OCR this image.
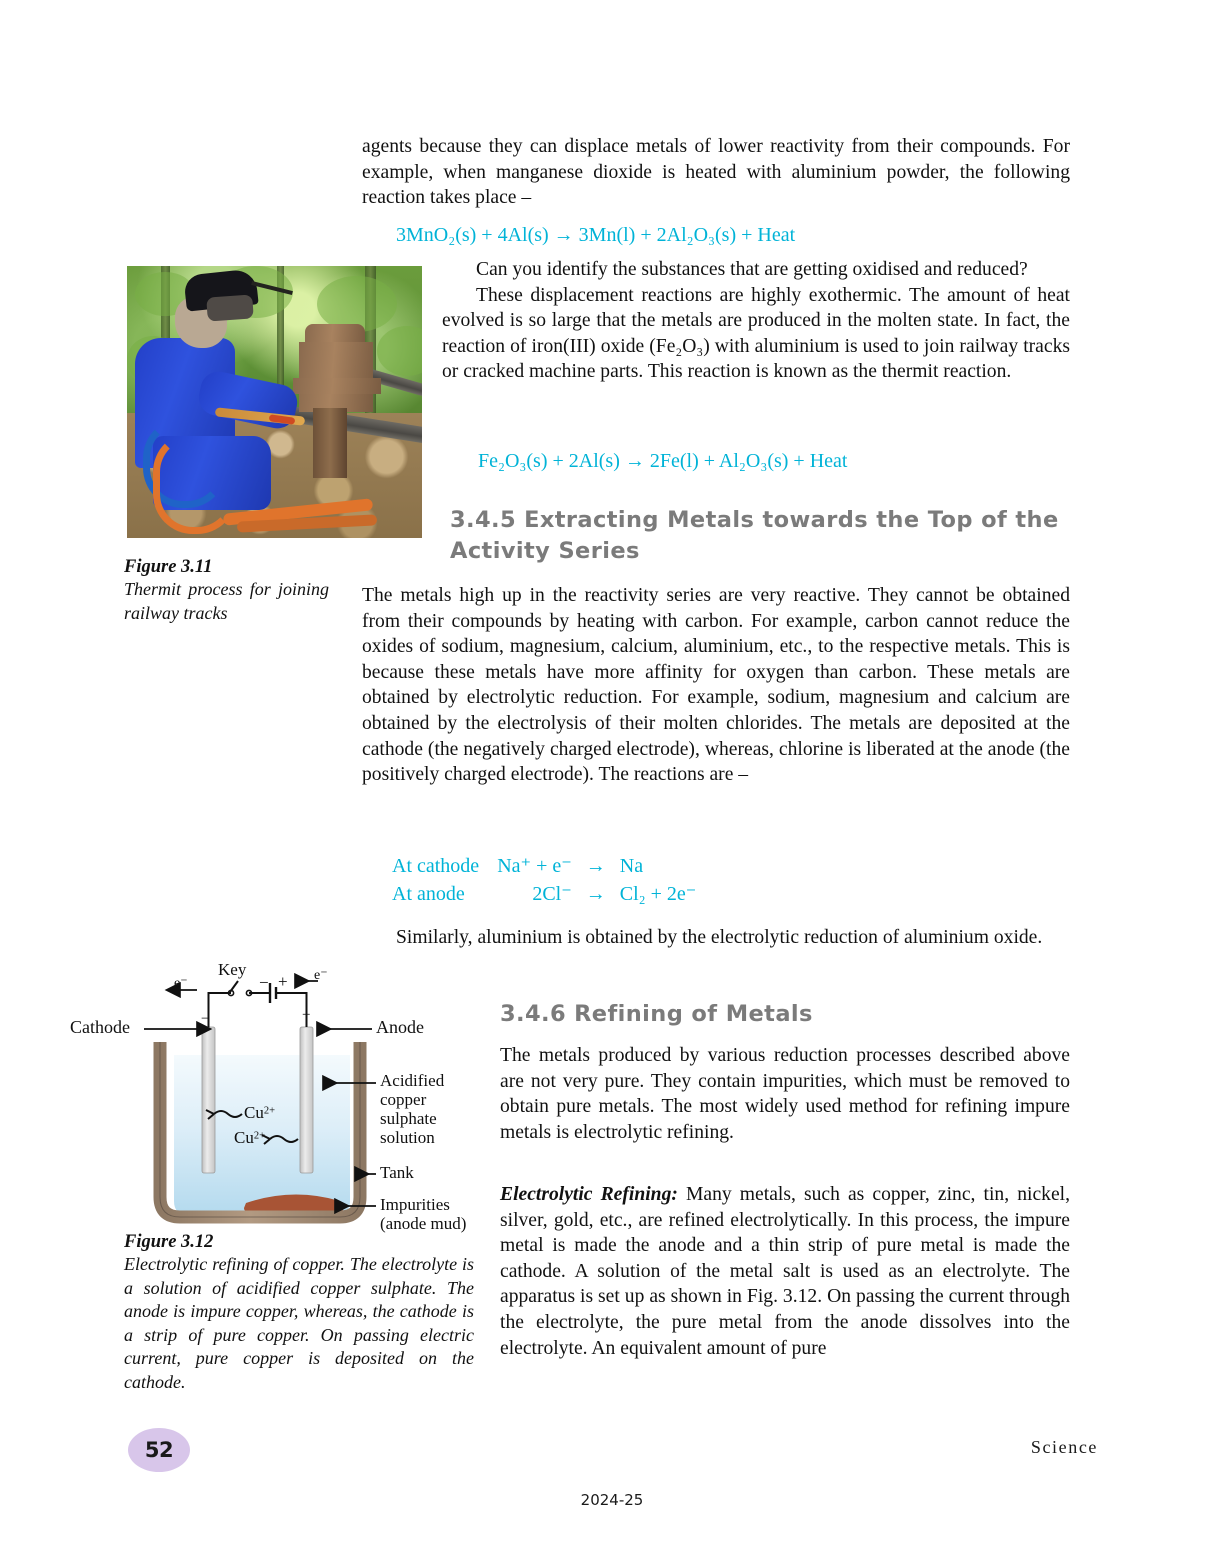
agents because they can displace metals of lower reactivity from their compounds. For example, when manganese dioxide is heated with aluminium powder, the following reaction takes place –
3MnO₂(s) + 4Al(s) → 3Mn(l) + 2Al₂O₃(s) + Heat
Figure 3.11
Thermit process for joining railway tracks
Can you identify the substances that are getting oxidised and reduced?
These displacement reactions are highly exothermic. The amount of heat evolved is so large that the metals are produced in the molten state. In fact, the reaction of iron(III) oxide (Fe₂O₃) with aluminium is used to join railway tracks or cracked machine parts. This reaction is known as the thermit reaction.
Fe₂O₃(s) + 2Al(s) → 2Fe(l) + Al₂O₃(s) + Heat
3.4.5 Extracting Metals towards the Top of the Activity Series
The metals high up in the reactivity series are very reactive. They cannot be obtained from their compounds by heating with carbon. For example, carbon cannot reduce the oxides of sodium, magnesium, calcium, aluminium, etc., to the respective metals. This is because these metals have more affinity for oxygen than carbon. These metals are obtained by electrolytic reduction. For example, sodium, magnesium and calcium are obtained by the electrolysis of their molten chlorides. The metals are deposited at the cathode (the negatively charged electrode), whereas, chlorine is liberated at the anode (the positively charged electrode). The reactions are –
At cathode	Na⁺ + e⁻	→	Na
At anode	2Cl⁻	→	Cl₂ + 2e⁻
Similarly, aluminium is obtained by the electrolytic reduction of aluminium oxide.
3.4.6 Refining of Metals
The metals produced by various reduction processes described above are not very pure. They contain impurities, which must be removed to obtain pure metals. The most widely used method for refining impure metals is electrolytic refining.
Electrolytic Refining: Many metals, such as copper, zinc, tin, nickel, silver, gold, etc., are refined electrolytically. In this process, the impure metal is made the anode and a thin strip of pure metal is made the cathode. A solution of the metal salt is used as an electrolyte. The apparatus is set up as shown in Fig. 3.12. On passing the current through the electrolyte, the pure metal from the anode dissolves into the electrolyte. An equivalent amount of pure
Key
− +
e⁻
e⁻
−	+
Cathode	Anode
Acidified
copper
sulphate
solution
Tank
Impurities
(anode mud)
$Cu^{2+}$
$Cu^{2+}$
Figure 3.12
Electrolytic refining of copper. The electrolyte is a solution of acidified copper sulphate. The anode is impure copper, whereas, the cathode is a strip of pure copper. On passing electric current, pure copper is deposited on the cathode.
52	Science
2024-25
